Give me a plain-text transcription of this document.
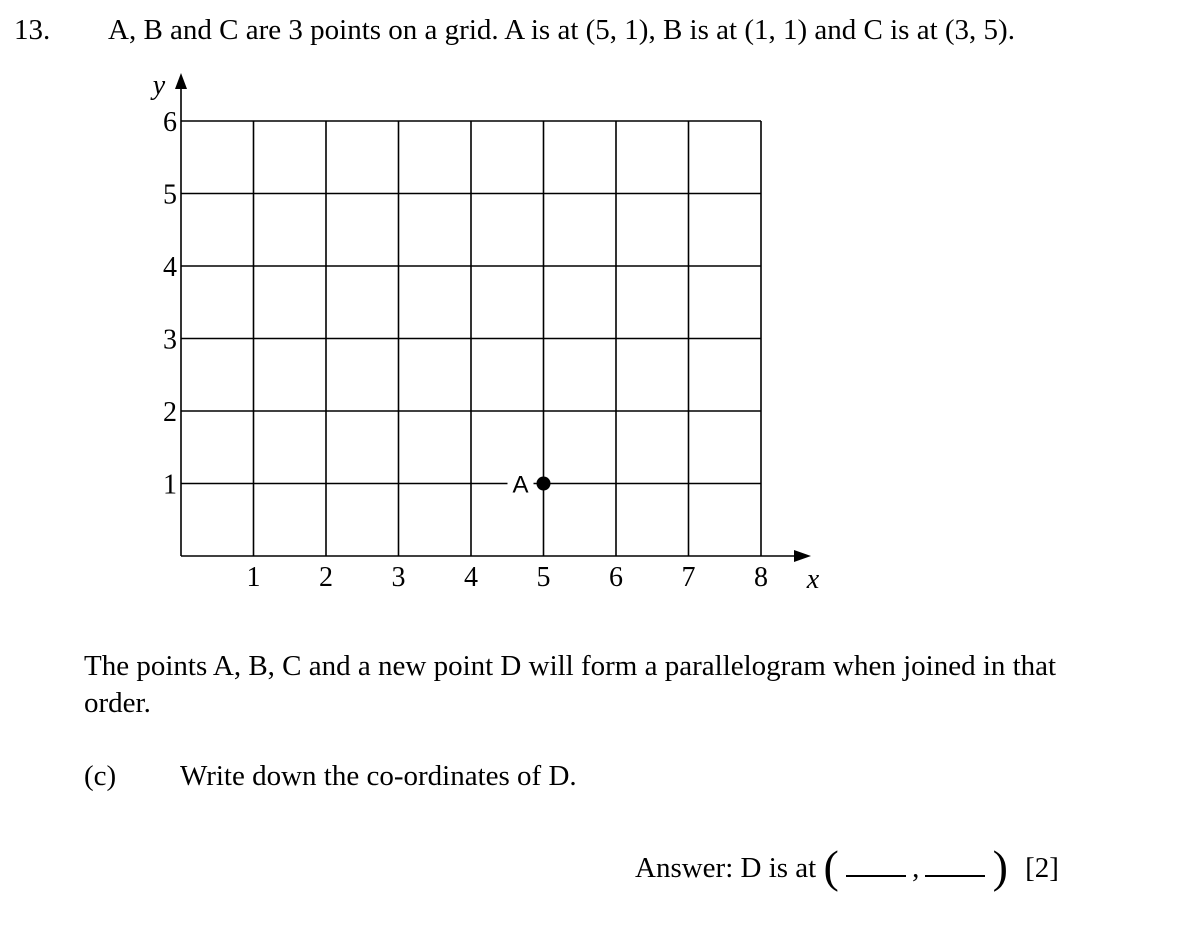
13. A, B and C are 3 points on a grid. A is at (5, 1), B is at (1, 1) and C is at (3, 5).
1 2 3 4 5 6 7 8
1
2
3
4
5
6
x
y
A
The points A, B, C and a new point D will form a parallelogram when joined in that order.
(c) Write down the co-ordinates of D.
Answer: D is at (	, ) [2]
